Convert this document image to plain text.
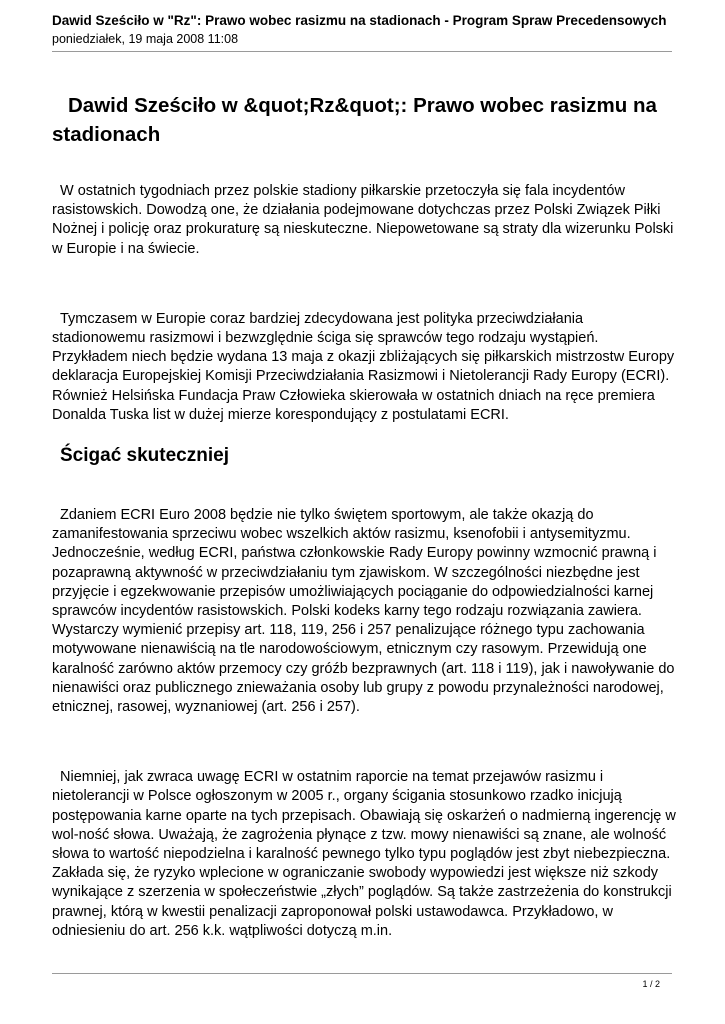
Dawid Sześciło w "Rz": Prawo wobec rasizmu na stadionach - Program Spraw Precedensowych
poniedziałek, 19 maja 2008 11:08
Dawid Sześciło w &quot;Rz&quot;: Prawo wobec rasizmu na stadionach

W ostatnich tygodniach przez polskie stadiony piłkarskie przetoczyła się fala incydentów rasistowskich. Dowodzą one, że działania podejmowane dotychczas przez Polski Związek Piłki Nożnej i policję oraz prokuraturę są nieskuteczne. Niepowetowane są straty dla wizerunku Polski w Europie i na świecie.

Tymczasem w Europie coraz bardziej zdecydowana jest polityka przeciwdziałania stadionowemu rasizmowi i bezwzględnie ściga się sprawców tego rodzaju wystąpień. Przykładem niech będzie wydana 13 maja z okazji zbliżających się piłkarskich mistrzostw Europy deklaracja Europejskiej Komisji Przeciwdziałania Rasizmowi i Nietolerancji Rady Europy (ECRI). Również Helsińska Fundacja Praw Człowieka skierowała w ostatnich dniach na ręce premiera Donalda Tuska list w dużej mierze korespondujący z postulatami ECRI.

Ścigać skuteczniej

Zdaniem ECRI Euro 2008 będzie nie tylko świętem sportowym, ale także okazją do zamanifestowania sprzeciwu wobec wszelkich aktów rasizmu, ksenofobii i antysemityzmu. Jednocześnie, według ECRI, państwa członkowskie Rady Europy powinny wzmocnić prawną i pozaprawną aktywność w przeciwdziałaniu tym zjawiskom. W szczególności niezbędne jest przyjęcie i egzekwowanie przepisów umożliwiających pociąganie do odpowiedzialności karnej sprawców incydentów rasistowskich. Polski kodeks karny tego rodzaju rozwiązania zawiera. Wystarczy wymienić przepisy art. 118, 119, 256 i 257 penalizujące różnego typu zachowania motywowane nienawiścią na tle narodowościowym, etnicznym czy rasowym. Przewidują one karalność zarówno aktów przemocy czy gróźb bezprawnych (art. 118 i 119), jak i nawoływanie do nienawiści oraz publicznego znieważania osoby lub grupy z powodu przynależności narodowej, etnicznej, rasowej, wyznaniowej (art. 256 i 257).

Niemniej, jak zwraca uwagę ECRI w ostatnim raporcie na temat przejawów rasizmu i nietolerancji w Polsce ogłoszonym w 2005 r., organy ścigania stosunkowo rzadko inicjują postępowania karne oparte na tych przepisach. Obawiają się oskarżeń o nadmierną ingerencję w wol-ność słowa. Uważają, że zagrożenia płynące z tzw. mowy nienawiści są znane, ale wolność słowa to wartość niepodzielna i karalność pewnego tylko typu poglądów jest zbyt niebezpieczna. Zakłada się, że ryzyko wplecione w ograniczanie swobody wypowiedzi jest większe niż szkody wynikające z szerzenia w społeczeństwie „złych” poglądów. Są także zastrzeżenia do konstrukcji prawnej, którą w kwestii penalizacji zaproponował polski ustawodawca. Przykładowo, w odniesieniu do art. 256 k.k. wątpliwości dotyczą m.in.

1 / 2
